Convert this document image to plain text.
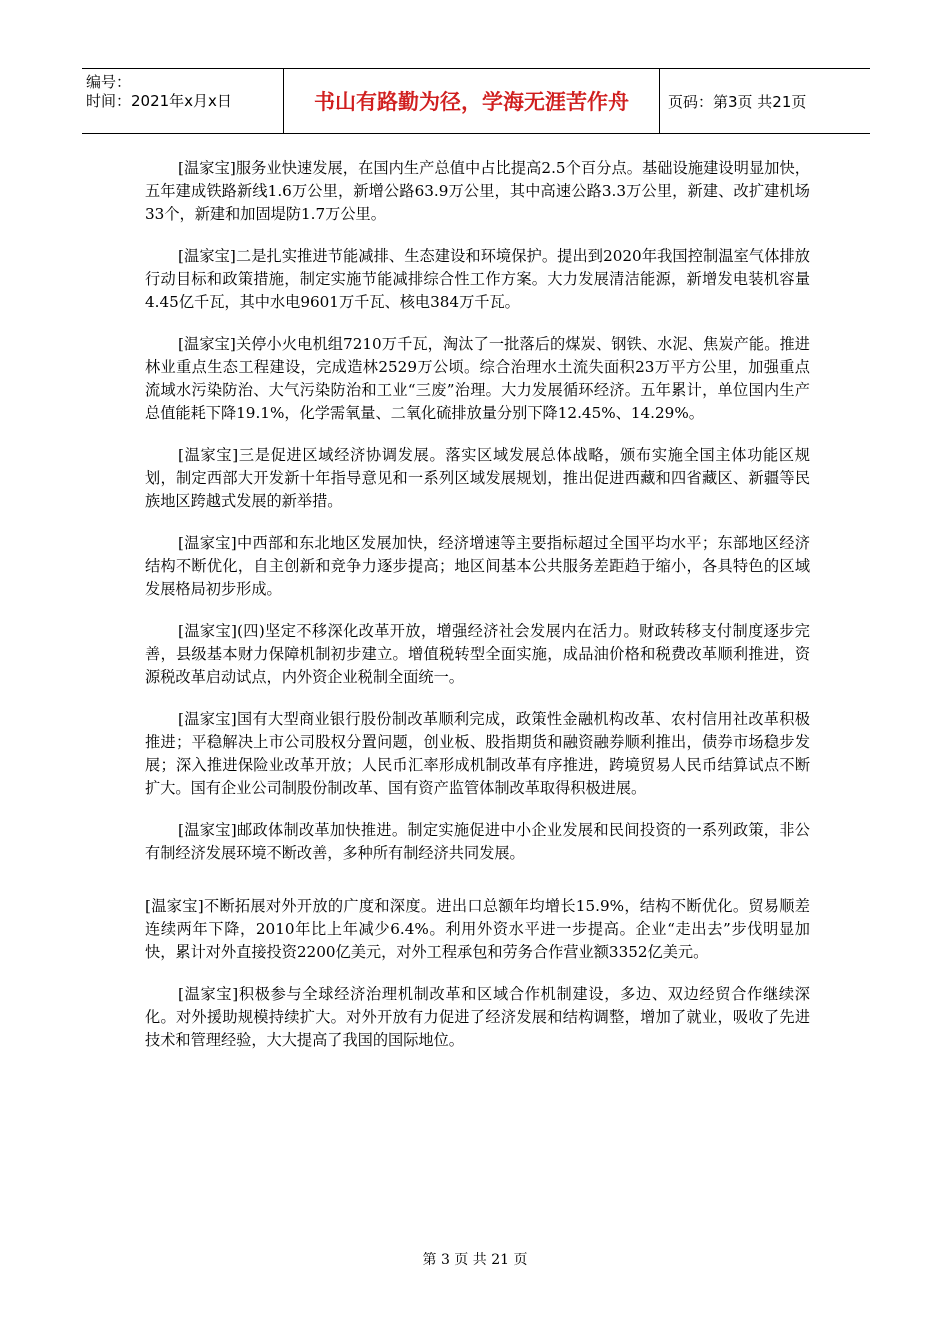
编号：
时间：2021年x月x日	书山有路勤为径，学海无涯苦作舟	页码：第3页 共21页

[温家宝]服务业快速发展，在国内生产总值中占比提高2.5个百分点。基础设施建设明显加快，五年建成铁路新线1.6万公里，新增公路63.9万公里，其中高速公路3.3万公里，新建、改扩建机场33个，新建和加固堤防1.7万公里。

[温家宝]二是扎实推进节能减排、生态建设和环境保护。提出到2020年我国控制温室气体排放行动目标和政策措施，制定实施节能减排综合性工作方案。大力发展清洁能源，新增发电装机容量4.45亿千瓦，其中水电9601万千瓦、核电384万千瓦。

[温家宝]关停小火电机组7210万千瓦，淘汰了一批落后的煤炭、钢铁、水泥、焦炭产能。推进林业重点生态工程建设，完成造林2529万公顷。综合治理水土流失面积23万平方公里，加强重点流域水污染防治、大气污染防治和工业“三废”治理。大力发展循环经济。五年累计，单位国内生产总值能耗下降19.1%，化学需氧量、二氧化硫排放量分别下降12.45%、14.29%。

[温家宝]三是促进区域经济协调发展。落实区域发展总体战略，颁布实施全国主体功能区规划，制定西部大开发新十年指导意见和一系列区域发展规划，推出促进西藏和四省藏区、新疆等民族地区跨越式发展的新举措。

[温家宝]中西部和东北地区发展加快，经济增速等主要指标超过全国平均水平；东部地区经济结构不断优化，自主创新和竞争力逐步提高；地区间基本公共服务差距趋于缩小，各具特色的区域发展格局初步形成。

[温家宝](四)坚定不移深化改革开放，增强经济社会发展内在活力。财政转移支付制度逐步完善，县级基本财力保障机制初步建立。增值税转型全面实施，成品油价格和税费改革顺利推进，资源税改革启动试点，内外资企业税制全面统一。

[温家宝]国有大型商业银行股份制改革顺利完成，政策性金融机构改革、农村信用社改革积极推进；平稳解决上市公司股权分置问题，创业板、股指期货和融资融券顺利推出，债券市场稳步发展；深入推进保险业改革开放；人民币汇率形成机制改革有序推进，跨境贸易人民币结算试点不断扩大。国有企业公司制股份制改革、国有资产监管体制改革取得积极进展。

[温家宝]邮政体制改革加快推进。制定实施促进中小企业发展和民间投资的一系列政策，非公有制经济发展环境不断改善，多种所有制经济共同发展。

[温家宝]不断拓展对外开放的广度和深度。进出口总额年均增长15.9%，结构不断优化。贸易顺差连续两年下降，2010年比上年减少6.4%。利用外资水平进一步提高。企业“走出去”步伐明显加快，累计对外直接投资2200亿美元，对外工程承包和劳务合作营业额3352亿美元。

[温家宝]积极参与全球经济治理机制改革和区域合作机制建设，多边、双边经贸合作继续深化。对外援助规模持续扩大。对外开放有力促进了经济发展和结构调整，增加了就业，吸收了先进技术和管理经验，大大提高了我国的国际地位。

第 3 页 共 21 页
